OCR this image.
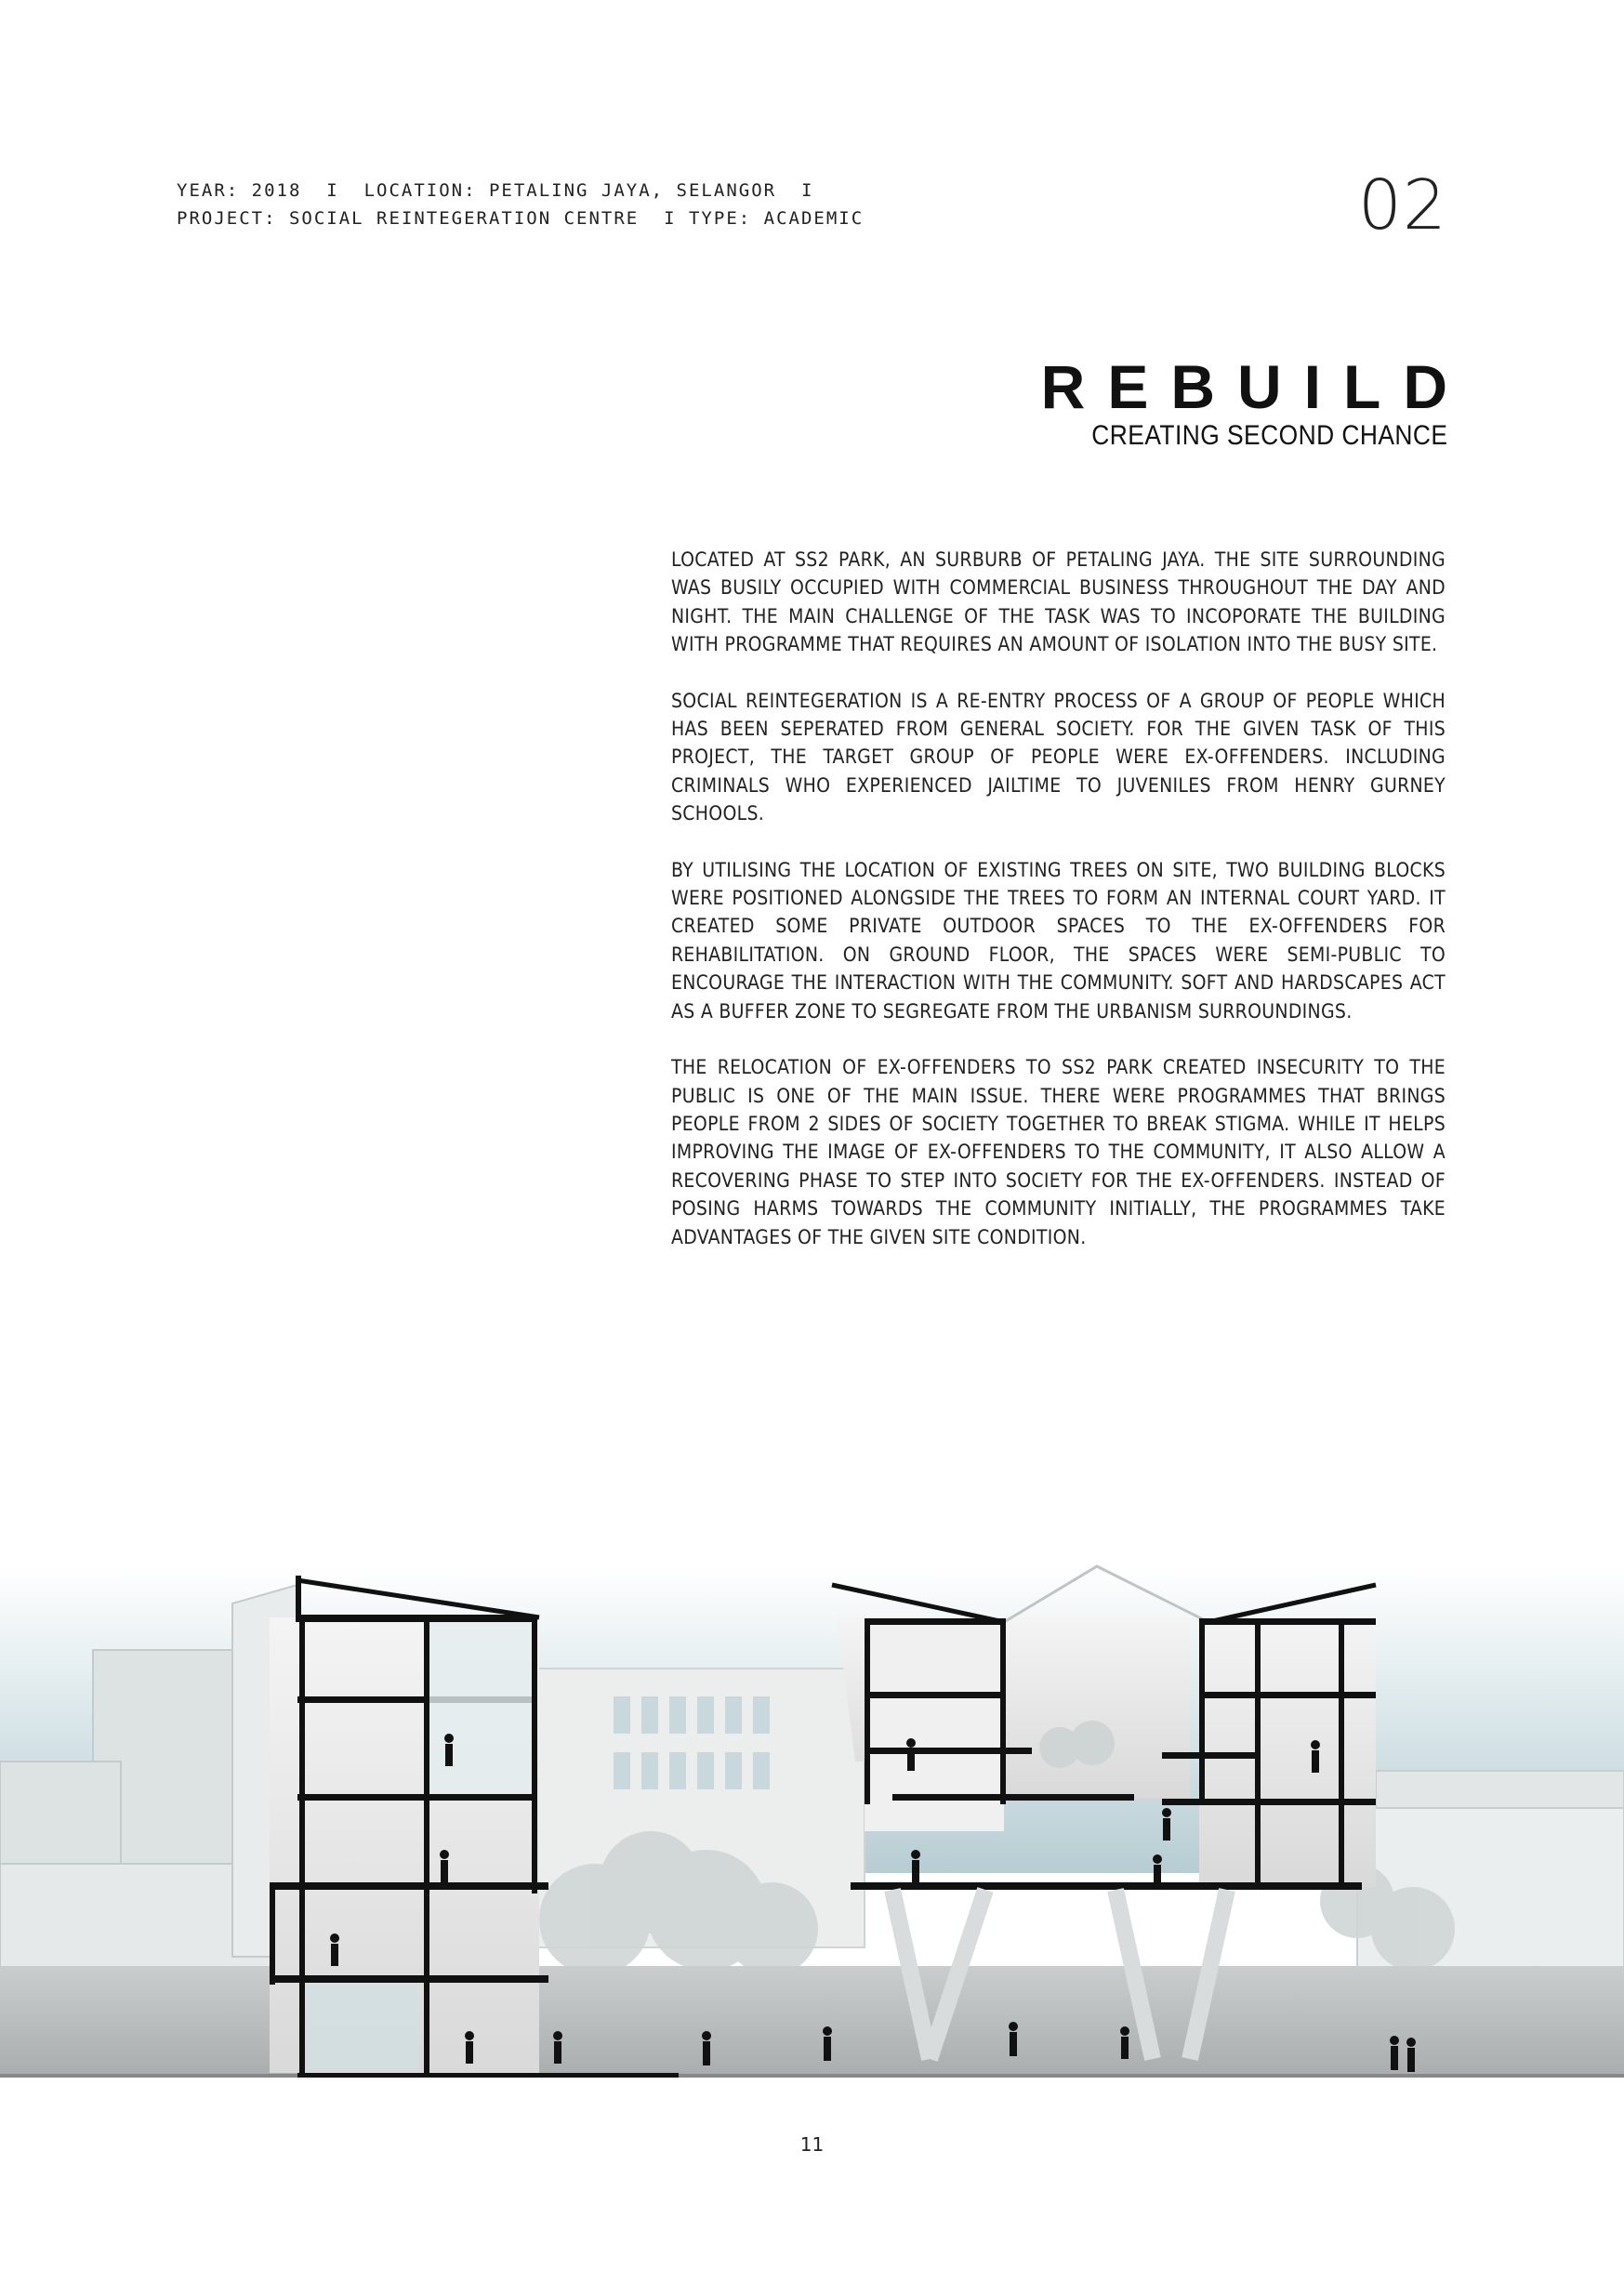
YEAR: 2018  I  LOCATION: PETALING JAYA, SELANGOR  I
PROJECT: SOCIAL REINTEGERATION CENTRE  I TYPE: ACADEMIC	02
REBUILD
CREATING SECOND CHANCE

LOCATED AT SS2 PARK, AN SURBURB OF PETALING JAYA. THE SITE SURROUNDING WAS BUSILY OCCUPIED WITH COMMERCIAL BUSINESS THROUGHOUT THE DAY AND NIGHT. THE MAIN CHALLENGE OF THE TASK WAS TO INCOPORATE THE BUILDING WITH PROGRAMME THAT REQUIRES AN AMOUNT OF ISOLATION INTO THE BUSY SITE.

SOCIAL REINTEGERATION IS A RE-ENTRY PROCESS OF A GROUP OF PEOPLE WHICH HAS BEEN SEPERATED FROM GENERAL SOCIETY. FOR THE GIVEN TASK OF THIS PROJECT, THE TARGET GROUP OF PEOPLE WERE EX-OFFENDERS. INCLUDING CRIMINALS WHO EXPERIENCED JAILTIME TO JUVENILES FROM HENRY GURNEY SCHOOLS.

BY UTILISING THE LOCATION OF EXISTING TREES ON SITE, TWO BUILDING BLOCKS WERE POSITIONED ALONGSIDE THE TREES TO FORM AN INTERNAL COURT YARD. IT CREATED SOME PRIVATE OUTDOOR SPACES TO THE EX-OFFENDERS FOR REHABILITATION. ON GROUND FLOOR, THE SPACES WERE SEMI-PUBLIC TO ENCOURAGE THE INTERACTION WITH THE COMMUNITY. SOFT AND HARDSCAPES ACT AS A BUFFER ZONE TO SEGREGATE FROM THE URBANISM SURROUNDINGS.

THE RELOCATION OF EX-OFFENDERS TO SS2 PARK CREATED INSECURITY TO THE PUBLIC IS ONE OF THE MAIN ISSUE. THERE WERE PROGRAMMES THAT BRINGS PEOPLE FROM 2 SIDES OF SOCIETY TOGETHER TO BREAK STIGMA. WHILE IT HELPS IMPROVING THE IMAGE OF EX-OFFENDERS TO THE COMMUNITY, IT ALSO ALLOW A RECOVERING PHASE TO STEP INTO SOCIETY FOR THE EX-OFFENDERS. INSTEAD OF POSING HARMS TOWARDS THE COMMUNITY INITIALLY, THE PROGRAMMES TAKE ADVANTAGES OF THE GIVEN SITE CONDITION.

11
